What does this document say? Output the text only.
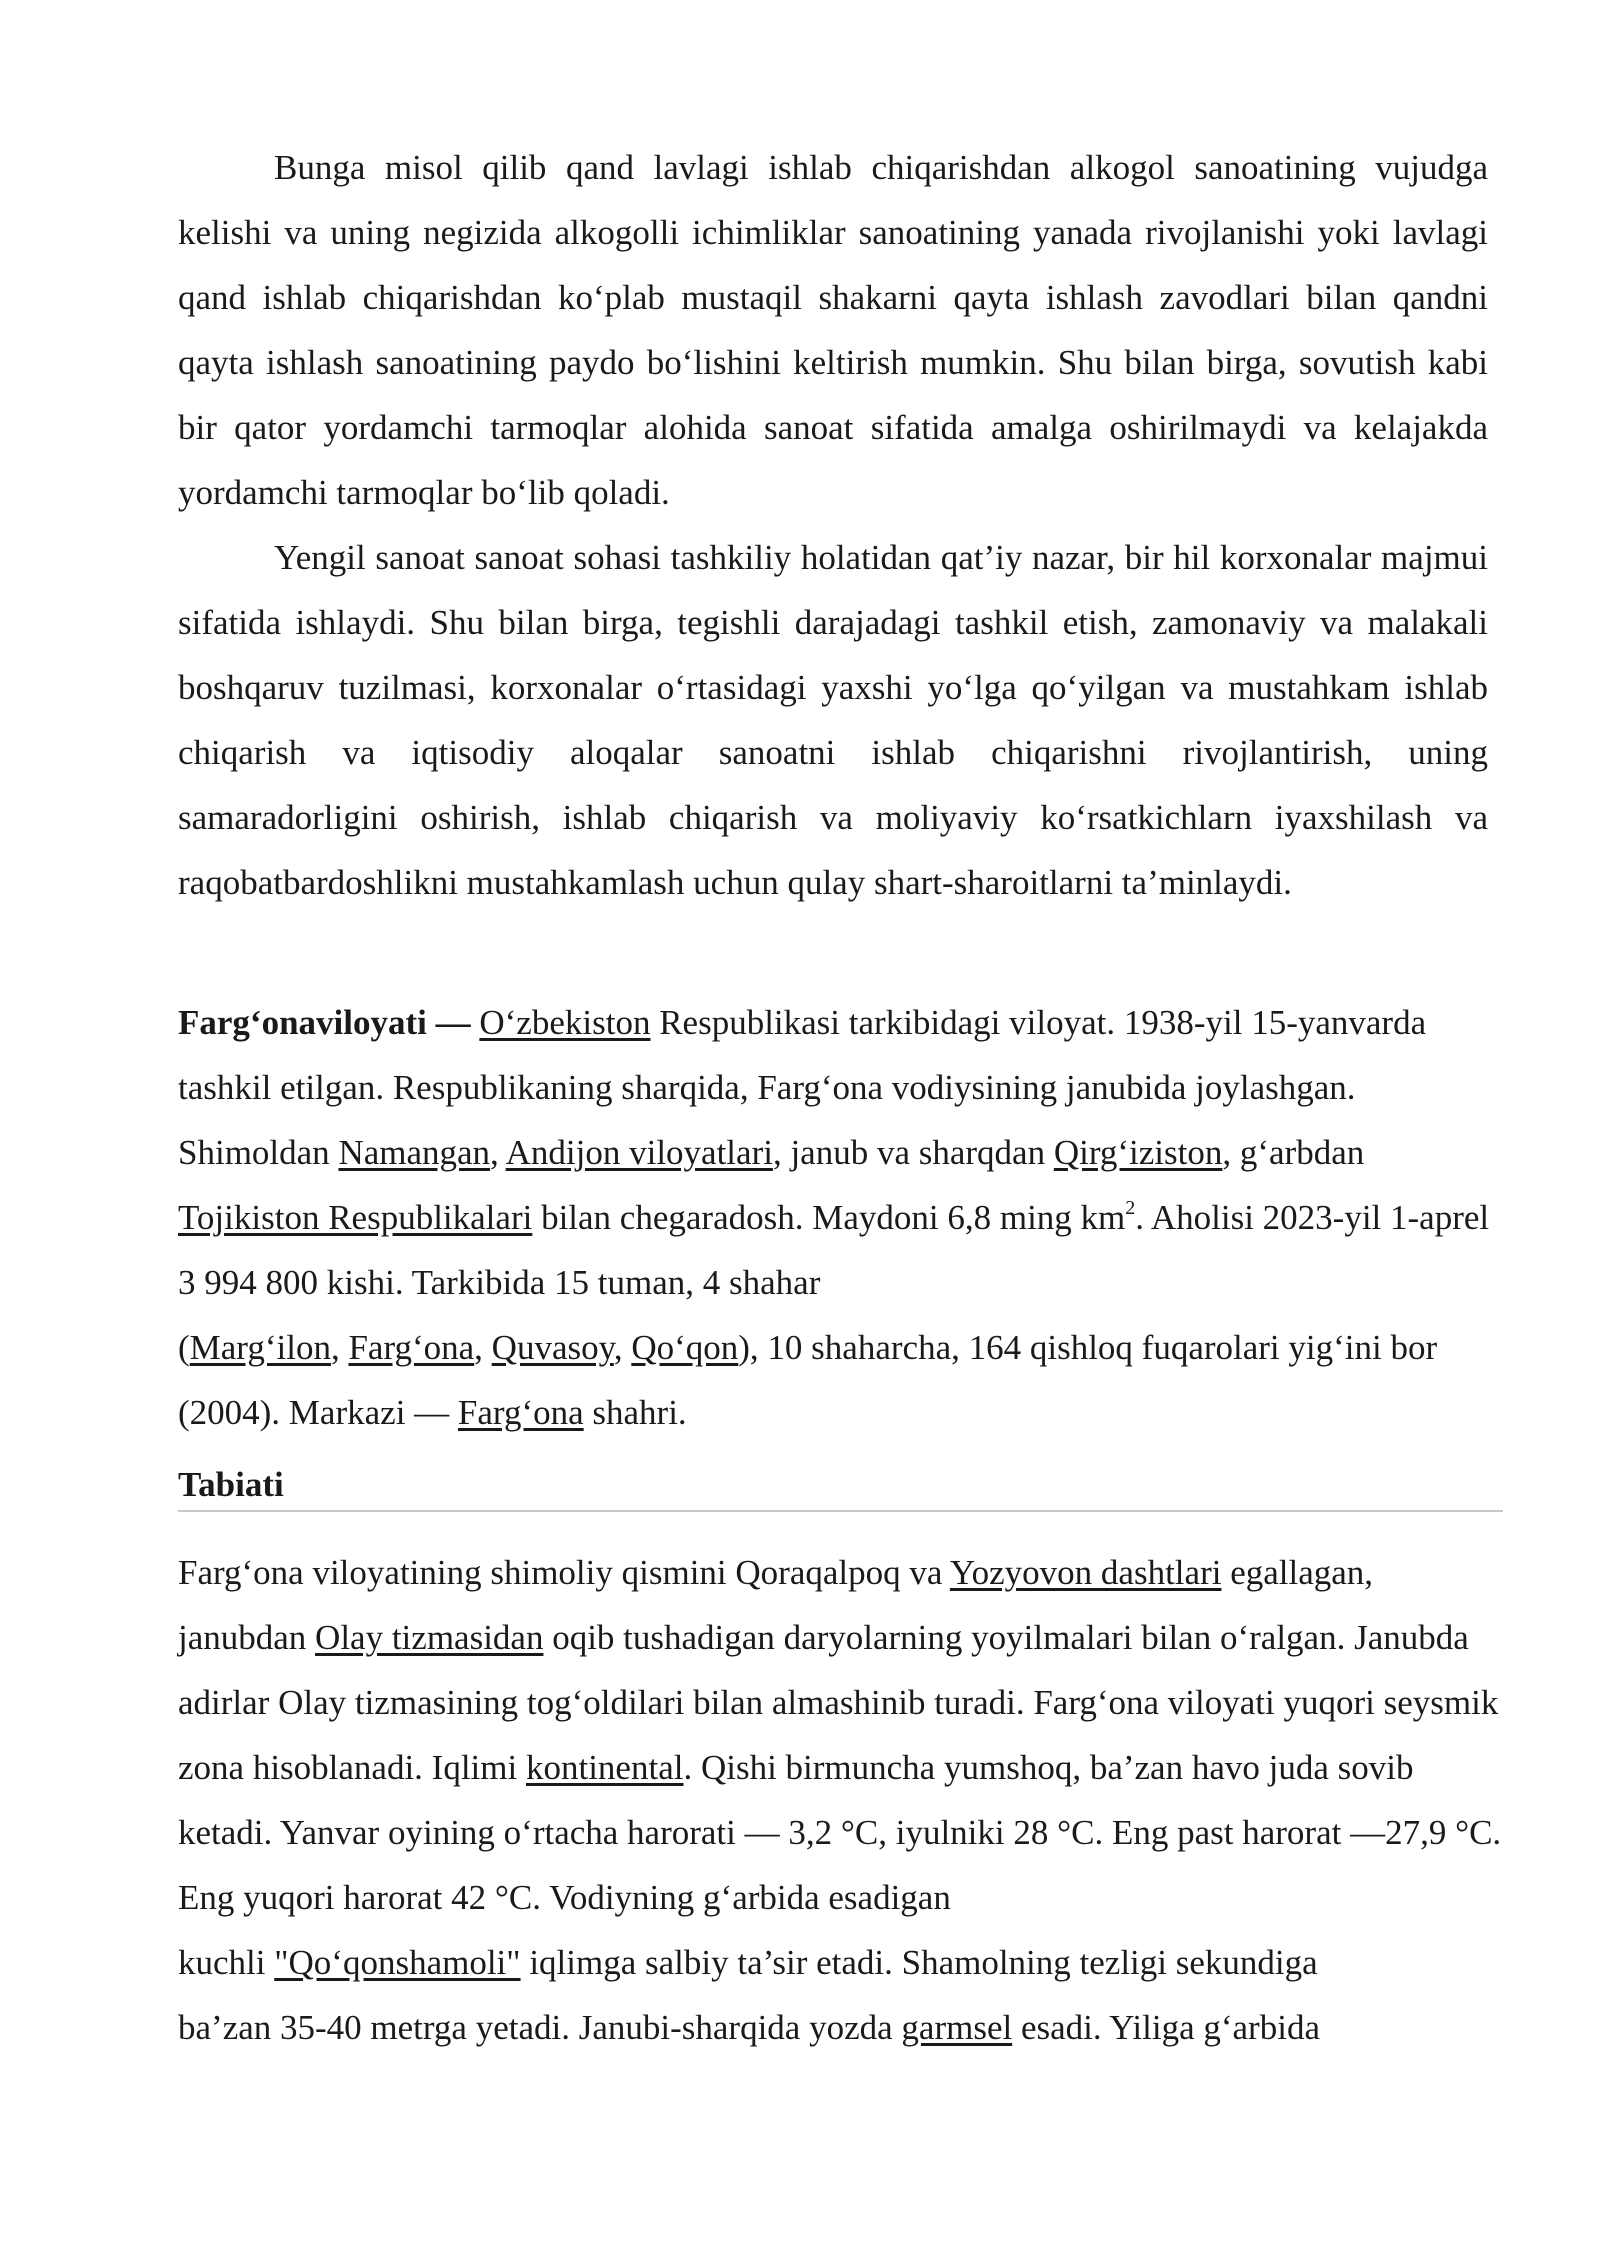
Bunga misol qilib qand lavlagi ishlab chiqarishdan alkogol sanoatining vujudga kelishi va uning negizida alkogolli ichimliklar sanoatining yanada rivojlanishi yoki lavlagi qand ishlab chiqarishdan ko‘plab mustaqil shakarni qayta ishlash zavodlari bilan qandni qayta ishlash sanoatining paydo bo‘lishini keltirish mumkin. Shu bilan birga, sovutish kabi bir qator yordamchi tarmoqlar alohida sanoat sifatida amalga oshirilmaydi va kelajakda yordamchi tarmoqlar bo‘lib qoladi.

Yengil sanoat sanoat sohasi tashkiliy holatidan qat’iy nazar, bir hil korxonalar majmui sifatida ishlaydi. Shu bilan birga, tegishli darajadagi tashkil etish, zamonaviy va malakali boshqaruv tuzilmasi, korxonalar o‘rtasidagi yaxshi yo‘lga qo‘yilgan va mustahkam ishlab chiqarish va iqtisodiy aloqalar sanoatni ishlab chiqarishni rivojlantirish, uning samaradorligini oshirish, ishlab chiqarish va moliyaviy ko‘rsatkichlarn iyaxshilash va raqobatbardoshlikni mustahkamlash uchun qulay shart-sharoitlarni ta’minlaydi.

Farg‘onaviloyati — O‘zbekiston Respublikasi tarkibidagi viloyat. 1938-yil 15-yanvarda tashkil etilgan. Respublikaning sharqida, Farg‘ona vodiysining janubida joylashgan. Shimoldan Namangan, Andijon viloyatlari, janub va sharqdan Qirg‘iziston, g‘arbdan Tojikiston Respublikalari bilan chegaradosh. Maydoni 6,8 ming $km^2$. Aholisi 2023-yil 1-aprel 3 994 800 kishi. Tarkibida 15 tuman, 4 shahar
(Marg‘ilon, Farg‘ona, Quvasoy, Qo‘qon), 10 shaharcha, 164 qishloq fuqarolari yig‘ini bor (2004). Markazi — Farg‘ona shahri.

Tabiati

Farg‘ona viloyatining shimoliy qismini Qoraqalpoq va Yozyovon dashtlari egallagan, janubdan Olay tizmasidan oqib tushadigan daryolarning yoyilmalari bilan o‘ralgan. Janubda adirlar Olay tizmasining tog‘oldilari bilan almashinib turadi. Farg‘ona viloyati yuqori seysmik zona hisoblanadi. Iqlimi kontinental. Qishi birmuncha yumshoq, ba’zan havo juda sovib ketadi. Yanvar oyining o‘rtacha harorati — 3,2 °C, iyulniki 28 °C. Eng past harorat —27,9 °C. Eng yuqori harorat 42 °C. Vodiyning g‘arbida esadigan
kuchli "Qo‘qonshamoli" iqlimga salbiy ta’sir etadi. Shamolning tezligi sekundiga
ba’zan 35-40 metrga yetadi. Janubi-sharqida yozda garmsel esadi. Yiliga g‘arbida
